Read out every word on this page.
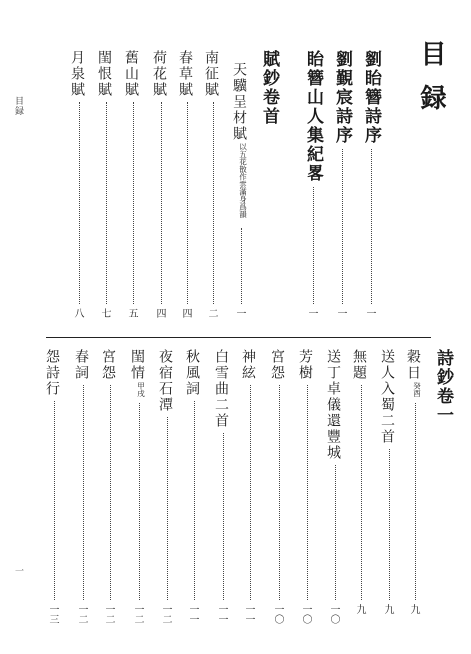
目録
一
目録
劉眙簪詩序
一
劉覲宸詩序
一
眙簪山人集紀畧
一
賦鈔卷首
天驥呈材賦
以五花散作雲滿身爲韻
一
南征賦
二
春草賦
四
荷花賦
四
舊山賦
五
閨恨賦
七
月泉賦
八
詩鈔卷一
穀日
癸酉
九
送人入蜀二首
九
無題
九
送丁卓儀還豐城
一〇
芳樹
一〇
宮怨
一〇
神絃
一一
白雪曲二首
一一
秋風詞
一一
夜宿石潭
一二
閨情
甲戌
一二
宮怨
一二
春詞
一二
怨詩行
一三
